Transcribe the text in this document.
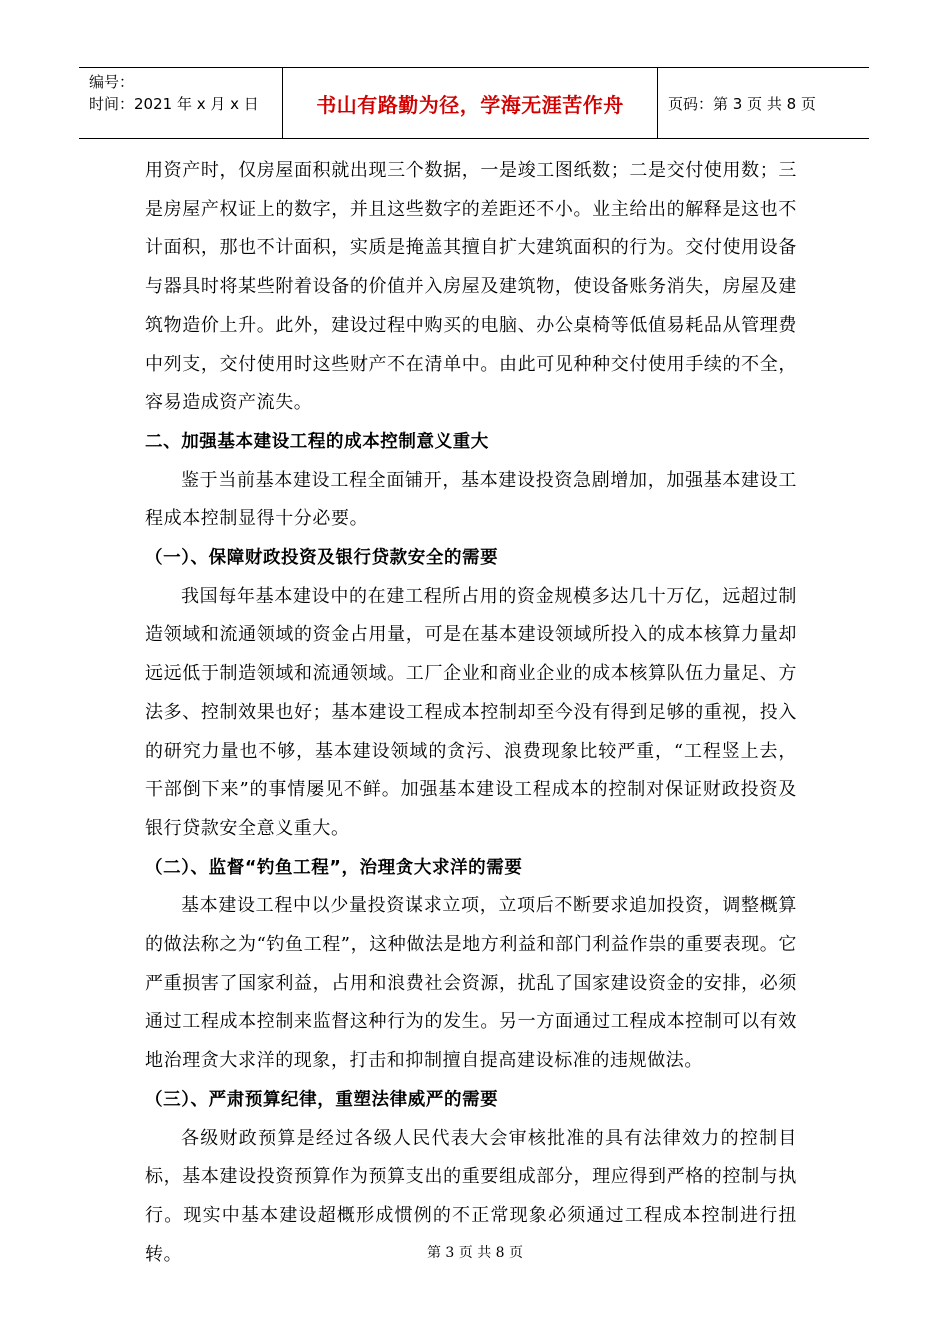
编号：
时间：2021 年 x 月 x 日	书山有路勤为径，学海无涯苦作舟	页码：第 3 页 共 8 页

用资产时，仅房屋面积就出现三个数据，一是竣工图纸数；二是交付使用数；三是房屋产权证上的数字，并且这些数字的差距还不小。业主给出的解释是这也不计面积，那也不计面积，实质是掩盖其擅自扩大建筑面积的行为。交付使用设备与器具时将某些附着设备的价值并入房屋及建筑物，使设备账务消失，房屋及建筑物造价上升。此外，建设过程中购买的电脑、办公桌椅等低值易耗品从管理费中列支，交付使用时这些财产不在清单中。由此可见种种交付使用手续的不全，容易造成资产流失。

二、加强基本建设工程的成本控制意义重大

鉴于当前基本建设工程全面铺开，基本建设投资急剧增加，加强基本建设工程成本控制显得十分必要。

（一）、保障财政投资及银行贷款安全的需要

我国每年基本建设中的在建工程所占用的资金规模多达几十万亿，远超过制造领域和流通领域的资金占用量，可是在基本建设领域所投入的成本核算力量却远远低于制造领域和流通领域。工厂企业和商业企业的成本核算队伍力量足、方法多、控制效果也好；基本建设工程成本控制却至今没有得到足够的重视，投入的研究力量也不够，基本建设领域的贪污、浪费现象比较严重，“工程竖上去，干部倒下来”的事情屡见不鲜。加强基本建设工程成本的控制对保证财政投资及银行贷款安全意义重大。

（二）、监督“钓鱼工程”，治理贪大求洋的需要

基本建设工程中以少量投资谋求立项，立项后不断要求追加投资，调整概算的做法称之为“钓鱼工程”，这种做法是地方利益和部门利益作祟的重要表现。它严重损害了国家利益，占用和浪费社会资源，扰乱了国家建设资金的安排，必须通过工程成本控制来监督这种行为的发生。另一方面通过工程成本控制可以有效地治理贪大求洋的现象，打击和抑制擅自提高建设标准的违规做法。

（三）、严肃预算纪律，重塑法律威严的需要

各级财政预算是经过各级人民代表大会审核批准的具有法律效力的控制目标，基本建设投资预算作为预算支出的重要组成部分，理应得到严格的控制与执行。现实中基本建设超概形成惯例的不正常现象必须通过工程成本控制进行扭转。	第 3 页 共 8 页
